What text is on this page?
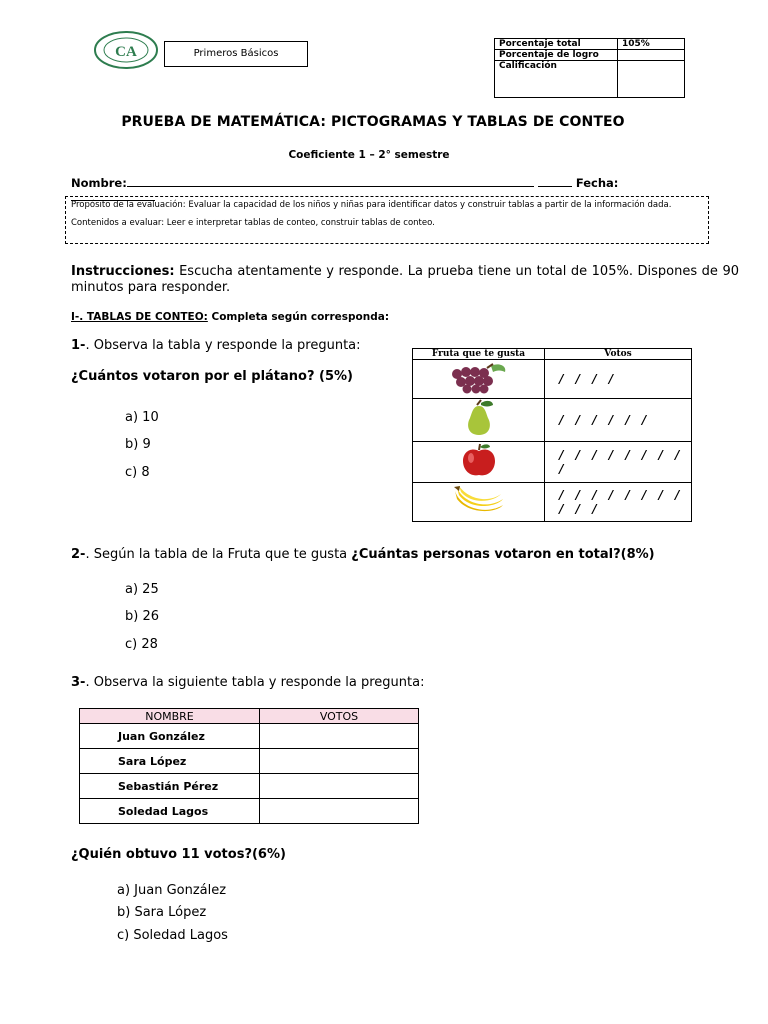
CA	Primeros Básicos
Porcentaje total	105%
Porcentaje de logro	
Calificación	
PRUEBA DE MATEMÁTICA: PICTOGRAMAS Y TABLAS DE CONTEO
Coeficiente 1 – 2° semestre
Nombre:	Fecha:
Propósito de la evaluación: Evaluar la capacidad de los niños y niñas para identificar datos y construir tablas a partir de la información dada.
Contenidos a evaluar: Leer e interpretar tablas de conteo, construir tablas de conteo.
Instrucciones: Escucha atentamente y responde. La prueba tiene un total de 105%. Dispones de 90 minutos para responder.
I-. TABLAS DE CONTEO: Completa según corresponda:
1-. Observa la tabla y responde la pregunta:
¿Cuántos votaron por el plátano? (5%)
a) 10
b) 9
c) 8
Fruta que te gusta	Votos
	/ / / /
	/ / / / / /
	/ / / / / / / / /
	/ / / / / / / / / / /
2-. Según la tabla de la Fruta que te gusta ¿Cuántas personas votaron en total?(8%)
a) 25
b) 26
c) 28
3-. Observa la siguiente tabla y responde la pregunta:
NOMBRE	VOTOS
Juan González	
Sara López	
Sebastián Pérez	
Soledad Lagos	
¿Quién obtuvo 11 votos?(6%)
a) Juan González
b) Sara López
c) Soledad Lagos
